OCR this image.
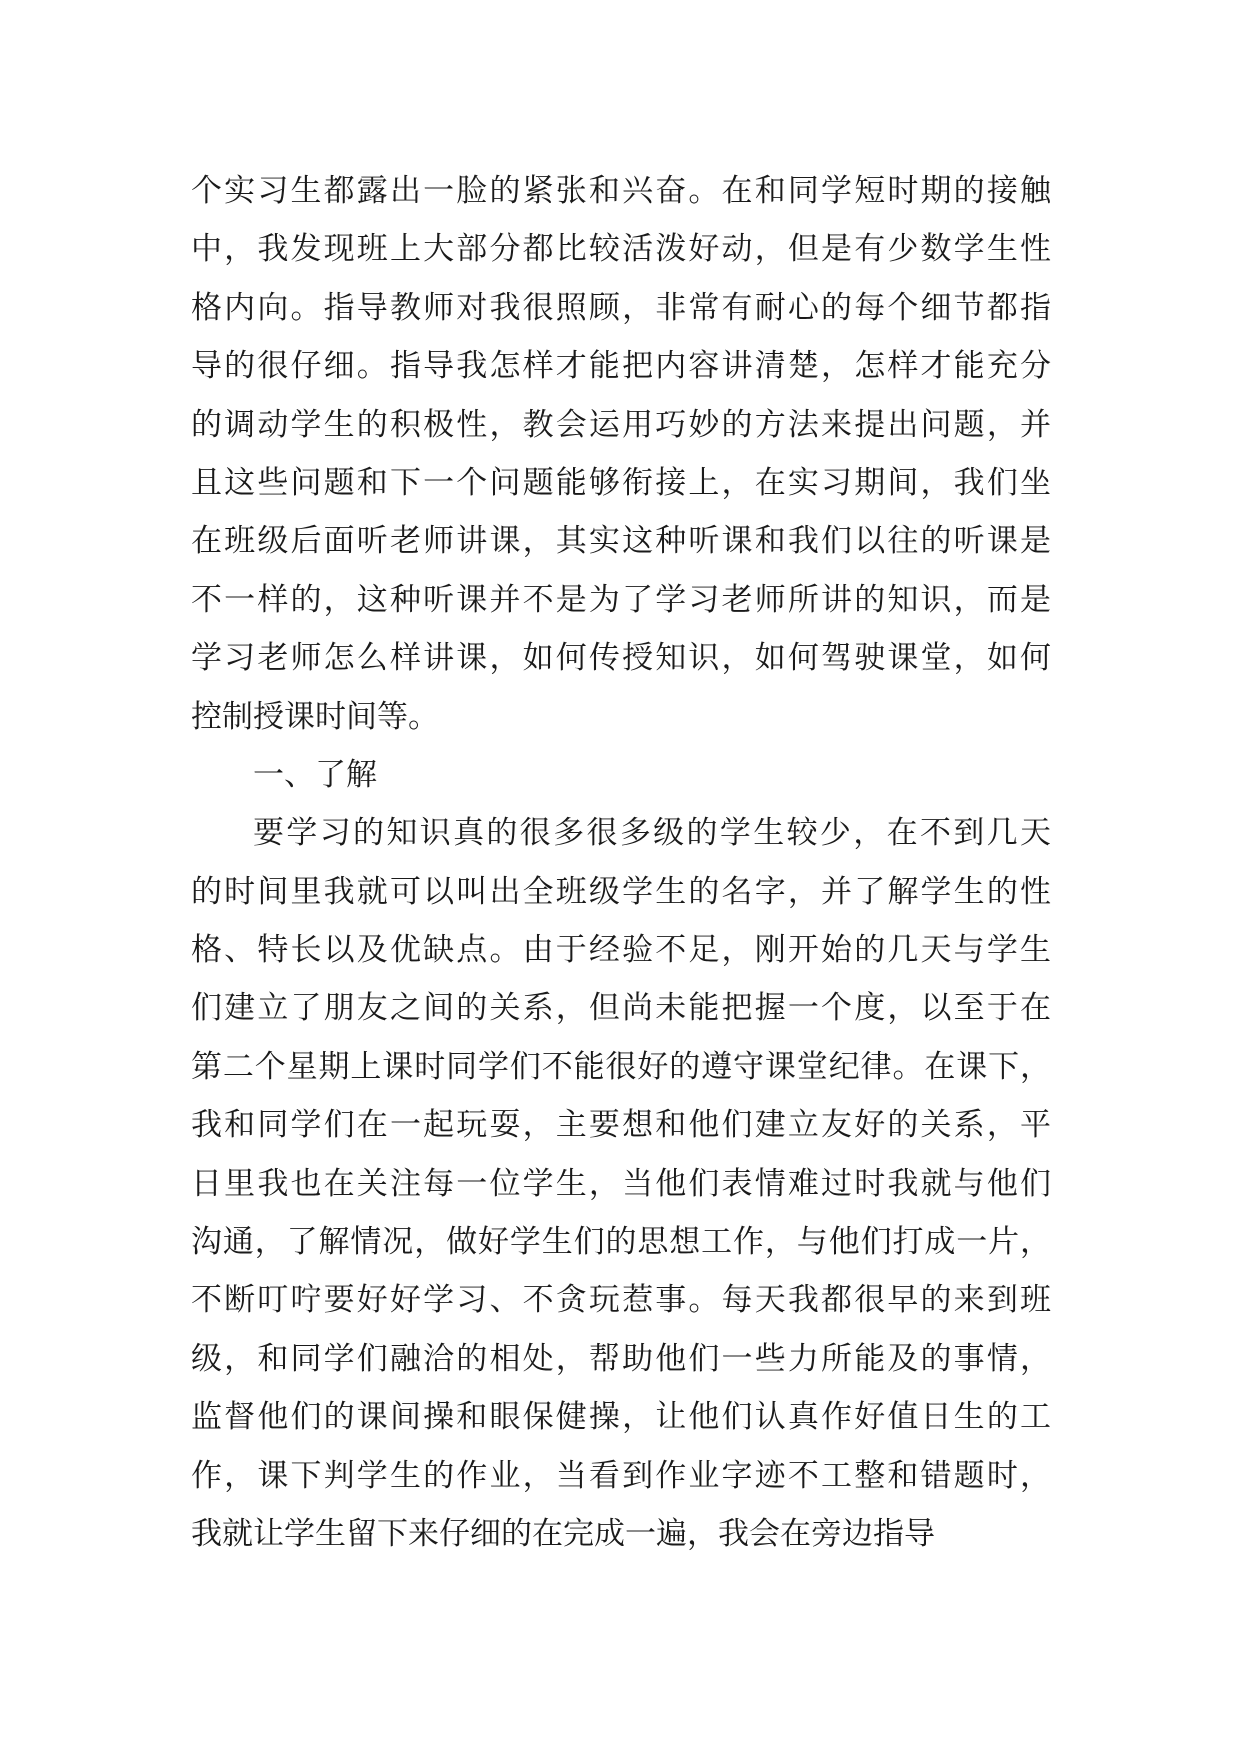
个实习生都露出一脸的紧张和兴奋。在和同学短时期的接触
中，我发现班上大部分都比较活泼好动，但是有少数学生性
格内向。指导教师对我很照顾，非常有耐心的每个细节都指
导的很仔细。指导我怎样才能把内容讲清楚，怎样才能充分
的调动学生的积极性，教会运用巧妙的方法来提出问题，并
且这些问题和下一个问题能够衔接上，在实习期间，我们坐
在班级后面听老师讲课，其实这种听课和我们以往的听课是
不一样的，这种听课并不是为了学习老师所讲的知识，而是
学习老师怎么样讲课，如何传授知识，如何驾驶课堂，如何
控制授课时间等。
一、了解
要学习的知识真的很多很多级的学生较少，在不到几天
的时间里我就可以叫出全班级学生的名字，并了解学生的性
格、特长以及优缺点。由于经验不足，刚开始的几天与学生
们建立了朋友之间的关系，但尚未能把握一个度，以至于在
第二个星期上课时同学们不能很好的遵守课堂纪律。在课下，
我和同学们在一起玩耍，主要想和他们建立友好的关系，平
日里我也在关注每一位学生，当他们表情难过时我就与他们
沟通，了解情况，做好学生们的思想工作，与他们打成一片，
不断叮咛要好好学习、不贪玩惹事。每天我都很早的来到班
级，和同学们融洽的相处，帮助他们一些力所能及的事情，
监督他们的课间操和眼保健操，让他们认真作好值日生的工
作，课下判学生的作业，当看到作业字迹不工整和错题时，
我就让学生留下来仔细的在完成一遍，我会在旁边指导
